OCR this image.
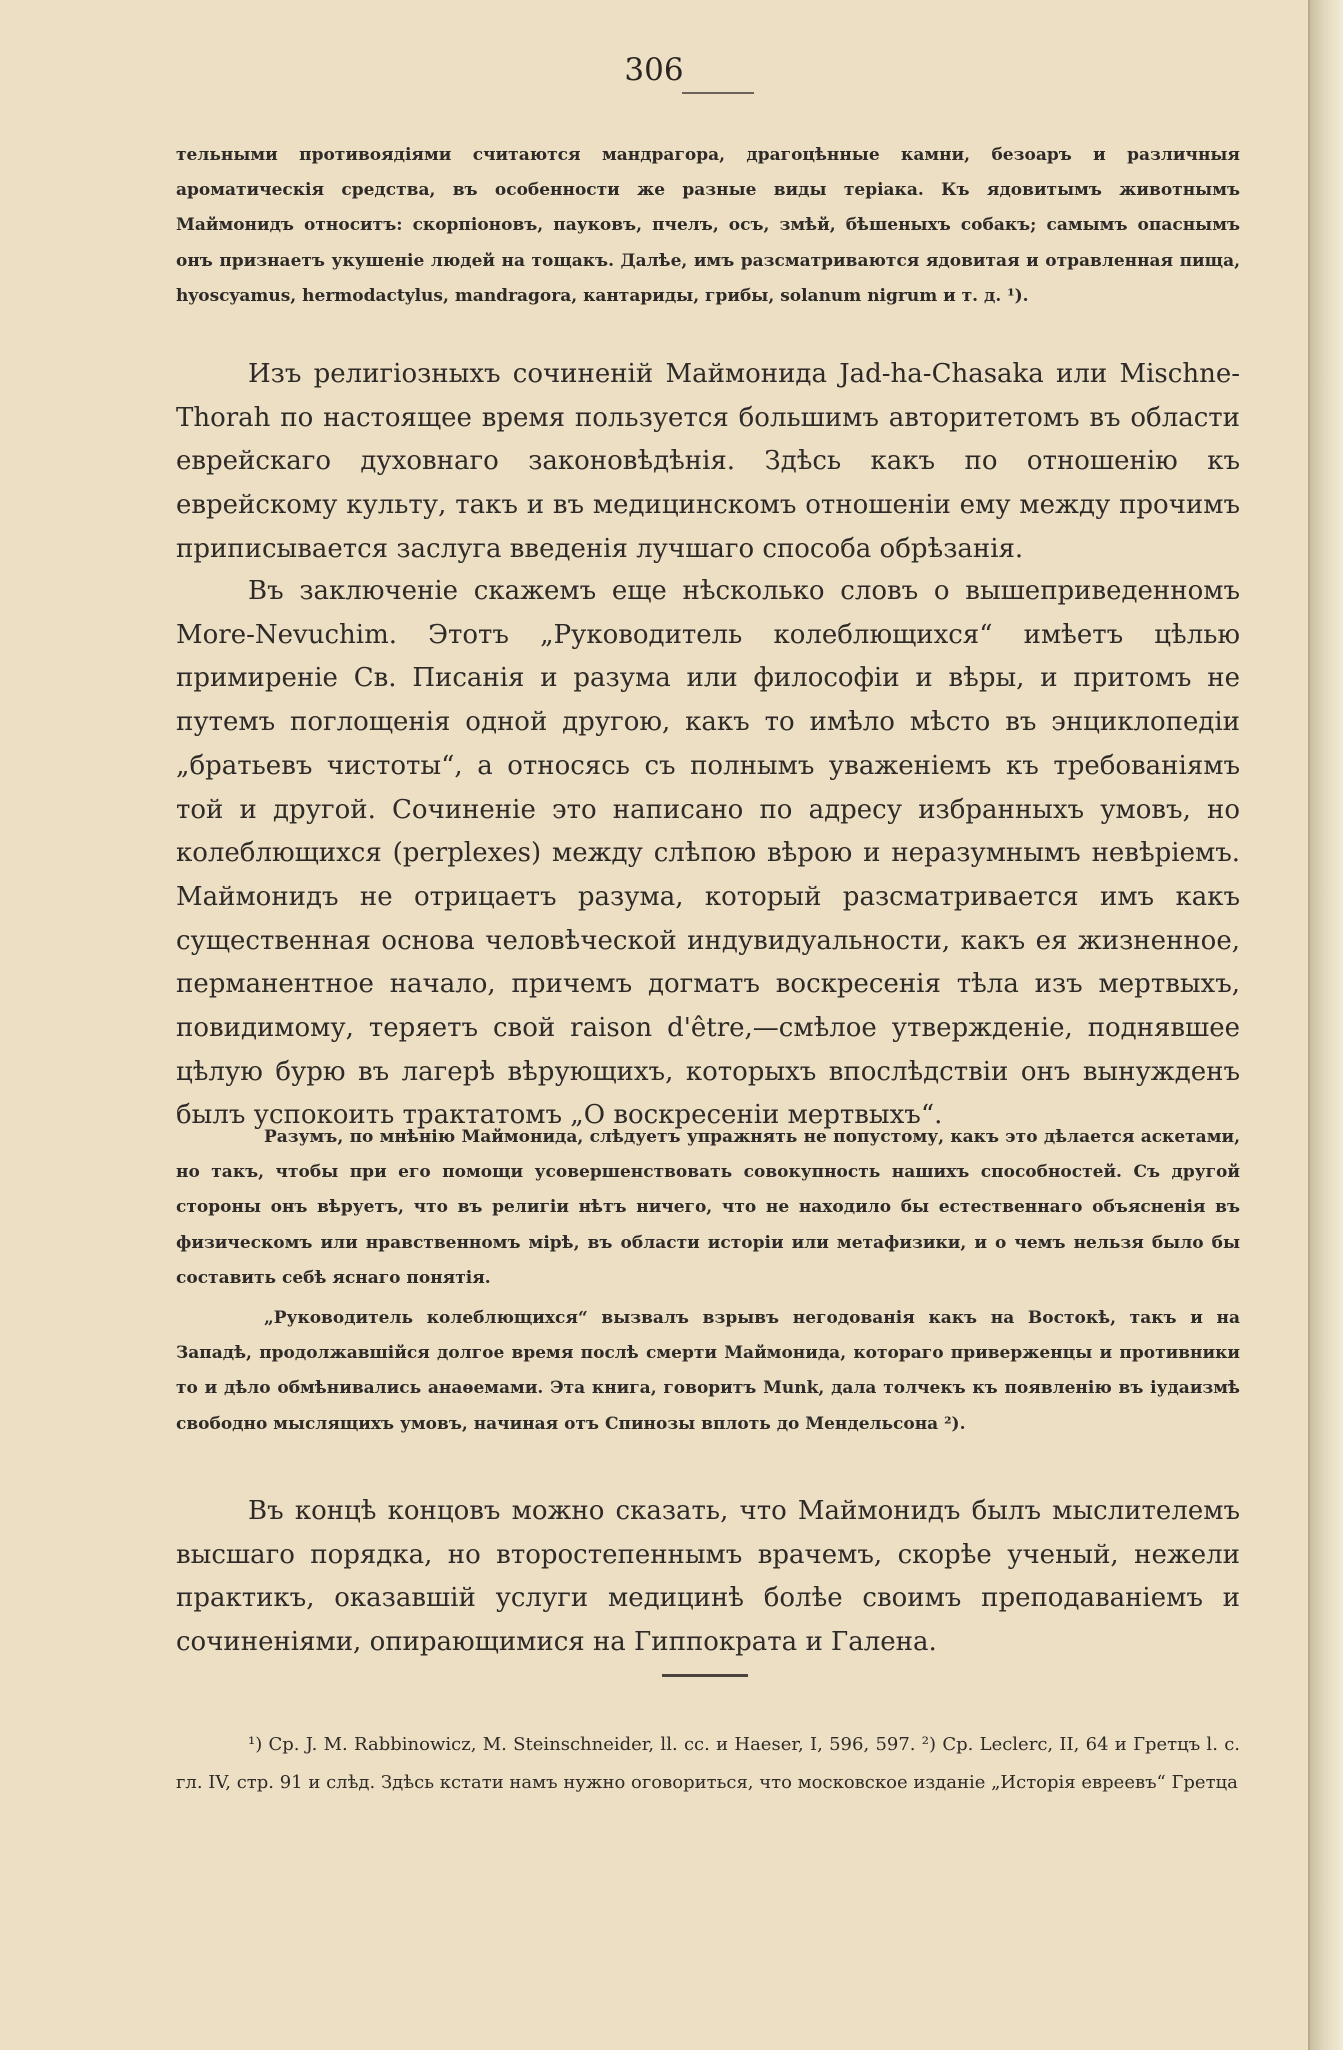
306

тельными противоядіями считаются мандрагора, драгоцѣнные камни, безоаръ и различныя ароматическія средства, въ особенности же разные виды теріака. Къ ядовитымъ животнымъ Маймонидъ относитъ: скорпіоновъ, пауковъ, пчелъ, осъ, змѣй, бѣшеныхъ собакъ; самымъ опаснымъ онъ признаетъ укушеніе людей на тощакъ. Далѣе, имъ разсматриваются ядовитая и отравленная пища, hyoscyamus, hermodactylus, mandragora, кантариды, грибы, solanum nigrum и т. д. ¹).

Изъ религіозныхъ сочиненій Маймонида Jad-ha-Chasaka или Mischne-Thorah по настоящее время пользуется большимъ авторитетомъ въ области еврейскаго духовнаго законовѣдѣнія. Здѣсь какъ по отношенію къ еврейскому культу, такъ и въ медицинскомъ отношеніи ему между прочимъ приписывается заслуга введенія лучшаго способа обрѣзанія.

Въ заключеніе скажемъ еще нѣсколько словъ о вышеприведенномъ More-Nevuchim. Этотъ „Руководитель колеблющихся“ имѣетъ цѣлью примиреніе Св. Писанія и разума или философіи и вѣры, и притомъ не путемъ поглощенія одной другою, какъ то имѣло мѣсто въ энциклопедіи „братьевъ чистоты“, а относясь съ полнымъ уваженіемъ къ требованіямъ той и другой. Сочиненіе это написано по адресу избранныхъ умовъ, но колеблющихся (perplexes) между слѣпою вѣрою и неразумнымъ невѣріемъ. Маймонидъ не отрицаетъ разума, который разсматривается имъ какъ существенная основа человѣческой индувидуальности, какъ ея жизненное, перманентное начало, причемъ догматъ воскресенія тѣла изъ мертвыхъ, повидимому, теряетъ свой raison d'être,—смѣлое утвержденіе, поднявшее цѣлую бурю въ лагерѣ вѣрующихъ, которыхъ впослѣдствіи онъ вынужденъ былъ успокоить трактатомъ „О воскресеніи мертвыхъ“.

Разумъ, по мнѣнію Маймонида, слѣдуетъ упражнять не попустому, какъ это дѣлается аскетами, но такъ, чтобы при его помощи усовершенствовать совокупность нашихъ способностей. Съ другой стороны онъ вѣруетъ, что въ религіи нѣтъ ничего, что не находило бы естественнаго объясненія въ физическомъ или нравственномъ мірѣ, въ области исторіи или метафизики, и о чемъ нельзя было бы составить себѣ яснаго понятія.

„Руководитель колеблющихся“ вызвалъ взрывъ негодованія какъ на Востокѣ, такъ и на Западѣ, продолжавшійся долгое время послѣ смерти Маймонида, котораго приверженцы и противники то и дѣло обмѣнивались анаѳемами. Эта книга, говоритъ Munk, дала толчекъ къ появленію въ іудаизмѣ свободно мыслящихъ умовъ, начиная отъ Спинозы вплоть до Мендельсона ²).

Въ концѣ концовъ можно сказать, что Маймонидъ былъ мыслителемъ высшаго порядка, но второстепеннымъ врачемъ, скорѣе ученый, нежели практикъ, оказавшій услуги медицинѣ болѣе своимъ преподаваніемъ и сочиненіями, опирающимися на Гиппократа и Галена.

¹) Ср. J. M. Rabbinowicz, M. Steinschneider, ll. cc. и Haeser, I, 596, 597. ²) Ср. Leclerc, II, 64 и Гретцъ l. c. гл. IV, стр. 91 и слѣд. Здѣсь кстати намъ нужно оговориться, что московское изданіе „Исторія евреевъ“ Гретца
